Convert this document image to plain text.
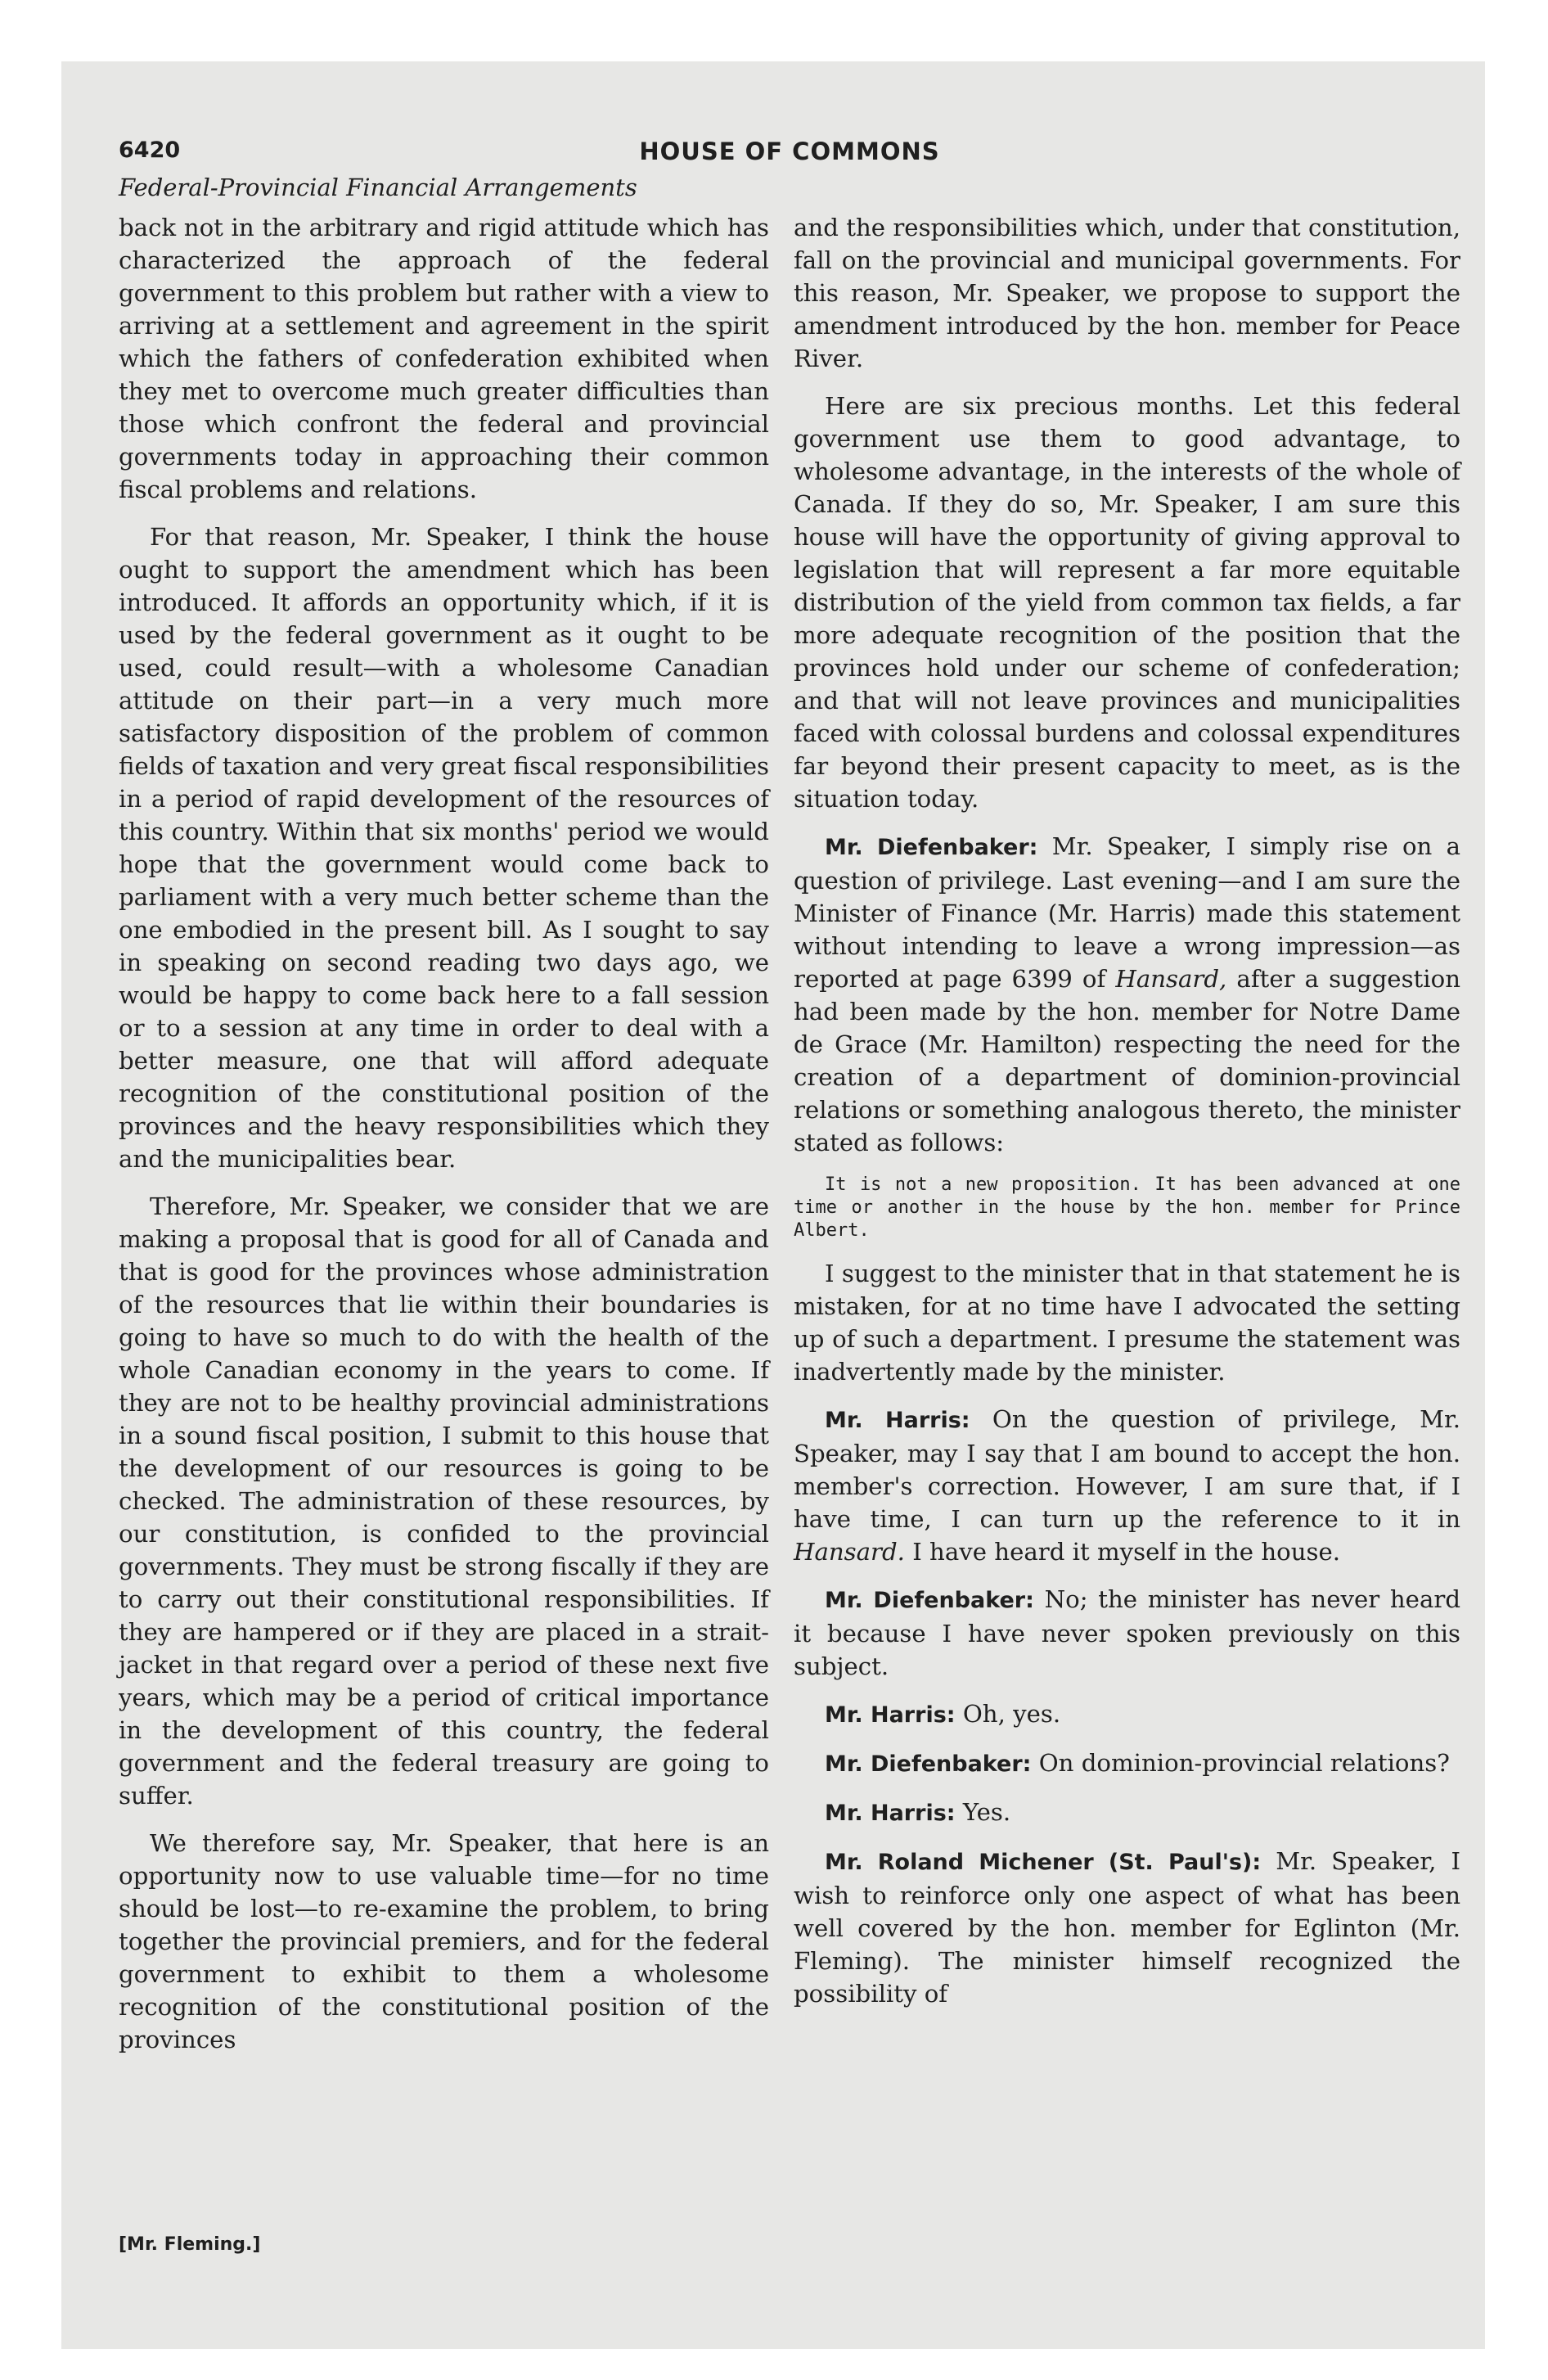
6420	HOUSE OF COMMONS
Federal-Provincial Financial Arrangements

back not in the arbitrary and rigid attitude which has characterized the approach of the federal government to this problem but rather with a view to arriving at a settlement and agreement in the spirit which the fathers of confederation exhibited when they met to overcome much greater difficulties than those which confront the federal and provincial governments today in approaching their common fiscal problems and relations.

For that reason, Mr. Speaker, I think the house ought to support the amendment which has been introduced. It affords an opportunity which, if it is used by the federal government as it ought to be used, could result—with a wholesome Canadian attitude on their part—in a very much more satisfactory disposition of the problem of common fields of taxation and very great fiscal responsibilities in a period of rapid development of the resources of this country. Within that six months' period we would hope that the government would come back to parliament with a very much better scheme than the one embodied in the present bill. As I sought to say in speaking on second reading two days ago, we would be happy to come back here to a fall session or to a session at any time in order to deal with a better measure, one that will afford adequate recognition of the constitutional position of the provinces and the heavy responsibilities which they and the municipalities bear.

Therefore, Mr. Speaker, we consider that we are making a proposal that is good for all of Canada and that is good for the provinces whose administration of the resources that lie within their boundaries is going to have so much to do with the health of the whole Canadian economy in the years to come. If they are not to be healthy provincial administrations in a sound fiscal position, I submit to this house that the development of our resources is going to be checked. The administration of these resources, by our constitution, is confided to the provincial governments. They must be strong fiscally if they are to carry out their constitutional responsibilities. If they are hampered or if they are placed in a strait-jacket in that regard over a period of these next five years, which may be a period of critical importance in the development of this country, the federal government and the federal treasury are going to suffer.

We therefore say, Mr. Speaker, that here is an opportunity now to use valuable time—for no time should be lost—to re-examine the problem, to bring together the provincial premiers, and for the federal government to exhibit to them a wholesome recognition of the constitutional position of the provinces

and the responsibilities which, under that constitution, fall on the provincial and municipal governments. For this reason, Mr. Speaker, we propose to support the amendment introduced by the hon. member for Peace River.

Here are six precious months. Let this federal government use them to good advantage, to wholesome advantage, in the interests of the whole of Canada. If they do so, Mr. Speaker, I am sure this house will have the opportunity of giving approval to legislation that will represent a far more equitable distribution of the yield from common tax fields, a far more adequate recognition of the position that the provinces hold under our scheme of confederation; and that will not leave provinces and municipalities faced with colossal burdens and colossal expenditures far beyond their present capacity to meet, as is the situation today.

Mr. Diefenbaker: Mr. Speaker, I simply rise on a question of privilege. Last evening—and I am sure the Minister of Finance (Mr. Harris) made this statement without intending to leave a wrong impression—as reported at page 6399 of Hansard, after a suggestion had been made by the hon. member for Notre Dame de Grace (Mr. Hamilton) respecting the need for the creation of a department of dominion-provincial relations or something analogous thereto, the minister stated as follows:

It is not a new proposition. It has been advanced at one time or another in the house by the hon. member for Prince Albert.

I suggest to the minister that in that statement he is mistaken, for at no time have I advocated the setting up of such a department. I presume the statement was inadvertently made by the minister.

Mr. Harris: On the question of privilege, Mr. Speaker, may I say that I am bound to accept the hon. member's correction. However, I am sure that, if I have time, I can turn up the reference to it in Hansard. I have heard it myself in the house.

Mr. Diefenbaker: No; the minister has never heard it because I have never spoken previously on this subject.

Mr. Harris: Oh, yes.

Mr. Diefenbaker: On dominion-provincial relations?

Mr. Harris: Yes.

Mr. Roland Michener (St. Paul's): Mr. Speaker, I wish to reinforce only one aspect of what has been well covered by the hon. member for Eglinton (Mr. Fleming). The minister himself recognized the possibility of

[Mr. Fleming.]
